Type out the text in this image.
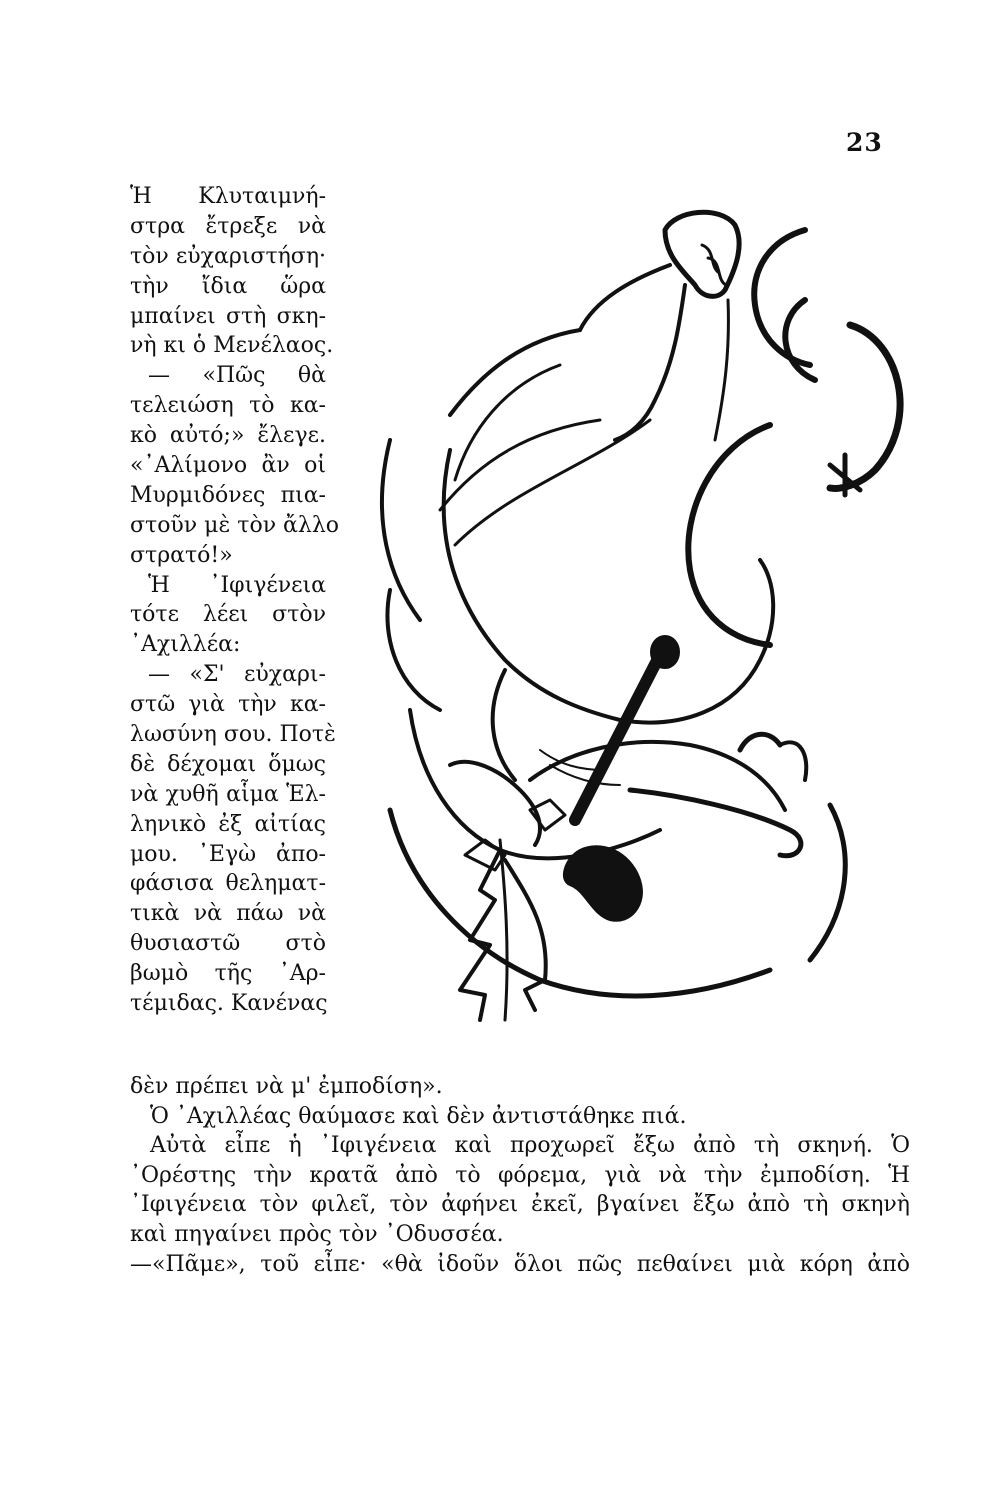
23
Ἡ Κλυταιμνή-
στρα ἔτρεξε νὰ
τὸν εὐχαριστήση·
τὴν ἴδια ὥρα
μπαίνει στὴ σκη-
νὴ κι ὁ Μενέλαος.
— «Πῶς θὰ
τελειώση τὸ κα-
κὸ αὐτό;» ἔλεγε.
«᾿Αλίμονο ἂν οἱ
Μυρμιδόνες πια-
στοῦν μὲ τὸν ἄλλο
στρατό!»
Ἡ ᾿Ιφιγένεια
τότε λέει στὸν
᾿Αχιλλέα:
— «Σ' εὐχαρι-
στῶ γιὰ τὴν κα-
λωσύνη σου. Ποτὲ
δὲ δέχομαι ὅμως
νὰ χυθῆ αἷμα Ἑλ-
ληνικὸ ἐξ αἰτίας
μου. ᾿Εγὼ ἀπο-
φάσισα θεληματ-
τικὰ νὰ πάω νὰ
θυσιαστῶ στὸ
βωμὸ τῆς ᾿Αρ-
τέμιδας. Κανένας
δὲν πρέπει νὰ μ' ἐμποδίση».
Ὁ ᾿Αχιλλέας θαύμασε καὶ δὲν ἀντιστάθηκε πιά.
Αὐτὰ εἶπε ἡ ᾿Ιφιγένεια καὶ προχωρεῖ ἔξω ἀπὸ τὴ σκηνή. Ὁ
᾿Ορέστης τὴν κρατᾶ ἀπὸ τὸ φόρεμα, γιὰ νὰ τὴν ἐμποδίση. Ἡ
᾿Ιφιγένεια τὸν φιλεῖ, τὸν ἀφήνει ἐκεῖ, βγαίνει ἔξω ἀπὸ τὴ σκηνὴ
καὶ πηγαίνει πρὸς τὸν ᾿Οδυσσέα.
—«Πᾶμε», τοῦ εἶπε· «θὰ ἰδοῦν ὅλοι πῶς πεθαίνει μιὰ κόρη ἀπὸ
